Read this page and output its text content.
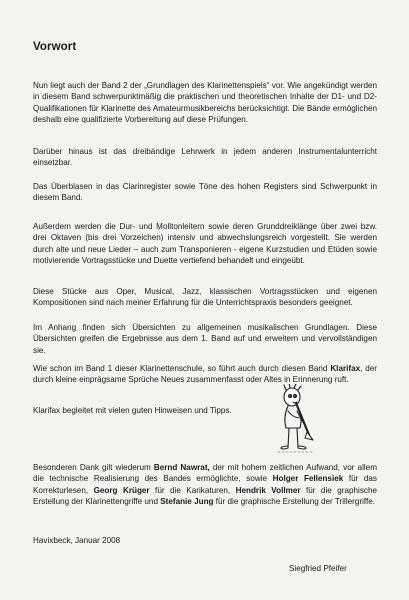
Vorwort

Nun liegt auch der Band 2 der „Grundlagen des Klarinettenspiels“ vor. Wie angekündigt werden in diesem Band schwerpunktmäßig die praktischen und theoretischen Inhalte der D1- und D2- Qualifikationen für Klarinette des Amateurmusikbereichs berücksichtigt. Die Bände ermöglichen deshalb eine qualifizierte Vorbereitung auf diese Prüfungen.

Darüber hinaus ist das dreibändige Lehrwerk in jedem anderen Instrumentalunterricht einsetzbar.

Das Überblasen in das Clarinregister sowie Töne des hohen Registers sind Schwerpunkt in diesem Band.

Außerdem werden die Dur- und Molltonleitern sowie deren Grunddreiklänge über zwei bzw. drei Oktaven (bis drei Vorzeichen) intensiv und abwechslungsreich vorgestellt. Sie werden durch alte und neue Lieder – auch zum Transponieren - eigene Kurzstudien und Etüden sowie motivierende Vortragsstücke und Duette vertiefend behandelt und eingeübt.

Diese Stücke aus Oper, Musical, Jazz, klassischen Vortragsstücken und eigenen Kompositionen sind nach meiner Erfahrung für die Unterrichtspraxis besonders geeignet.

Im Anhang finden sich Übersichten zu allgemeinen musikalischen Grundlagen. Diese Übersichten greifen die Ergebnisse aus dem 1. Band auf und erweitern und vervollständigen sie.

Wie schon im Band 1 dieser Klarinettenschule, so führt auch durch diesen Band Klarifax, der durch kleine einprägsame Sprüche Neues zusammenfasst oder Altes in Erinnerung ruft.

Klarifax begleitet mit vielen guten Hinweisen und Tipps.

Besonderen Dank gilt wiederum Bernd Nawrat, der mit hohem zeitlichen Aufwand, vor allem die technische Realisierung des Bandes ermöglichte, sowie Holger Fellensiek für das Korrekturlesen, Georg Krüger für die Karikaturen, Hendrik Vollmer für die graphische Erstellung der Klarinettengriffe und Stefanie Jung für die graphische Erstellung der Trillergriffe.

Havixbeck, Januar 2008
Siegfried Pfeifer
